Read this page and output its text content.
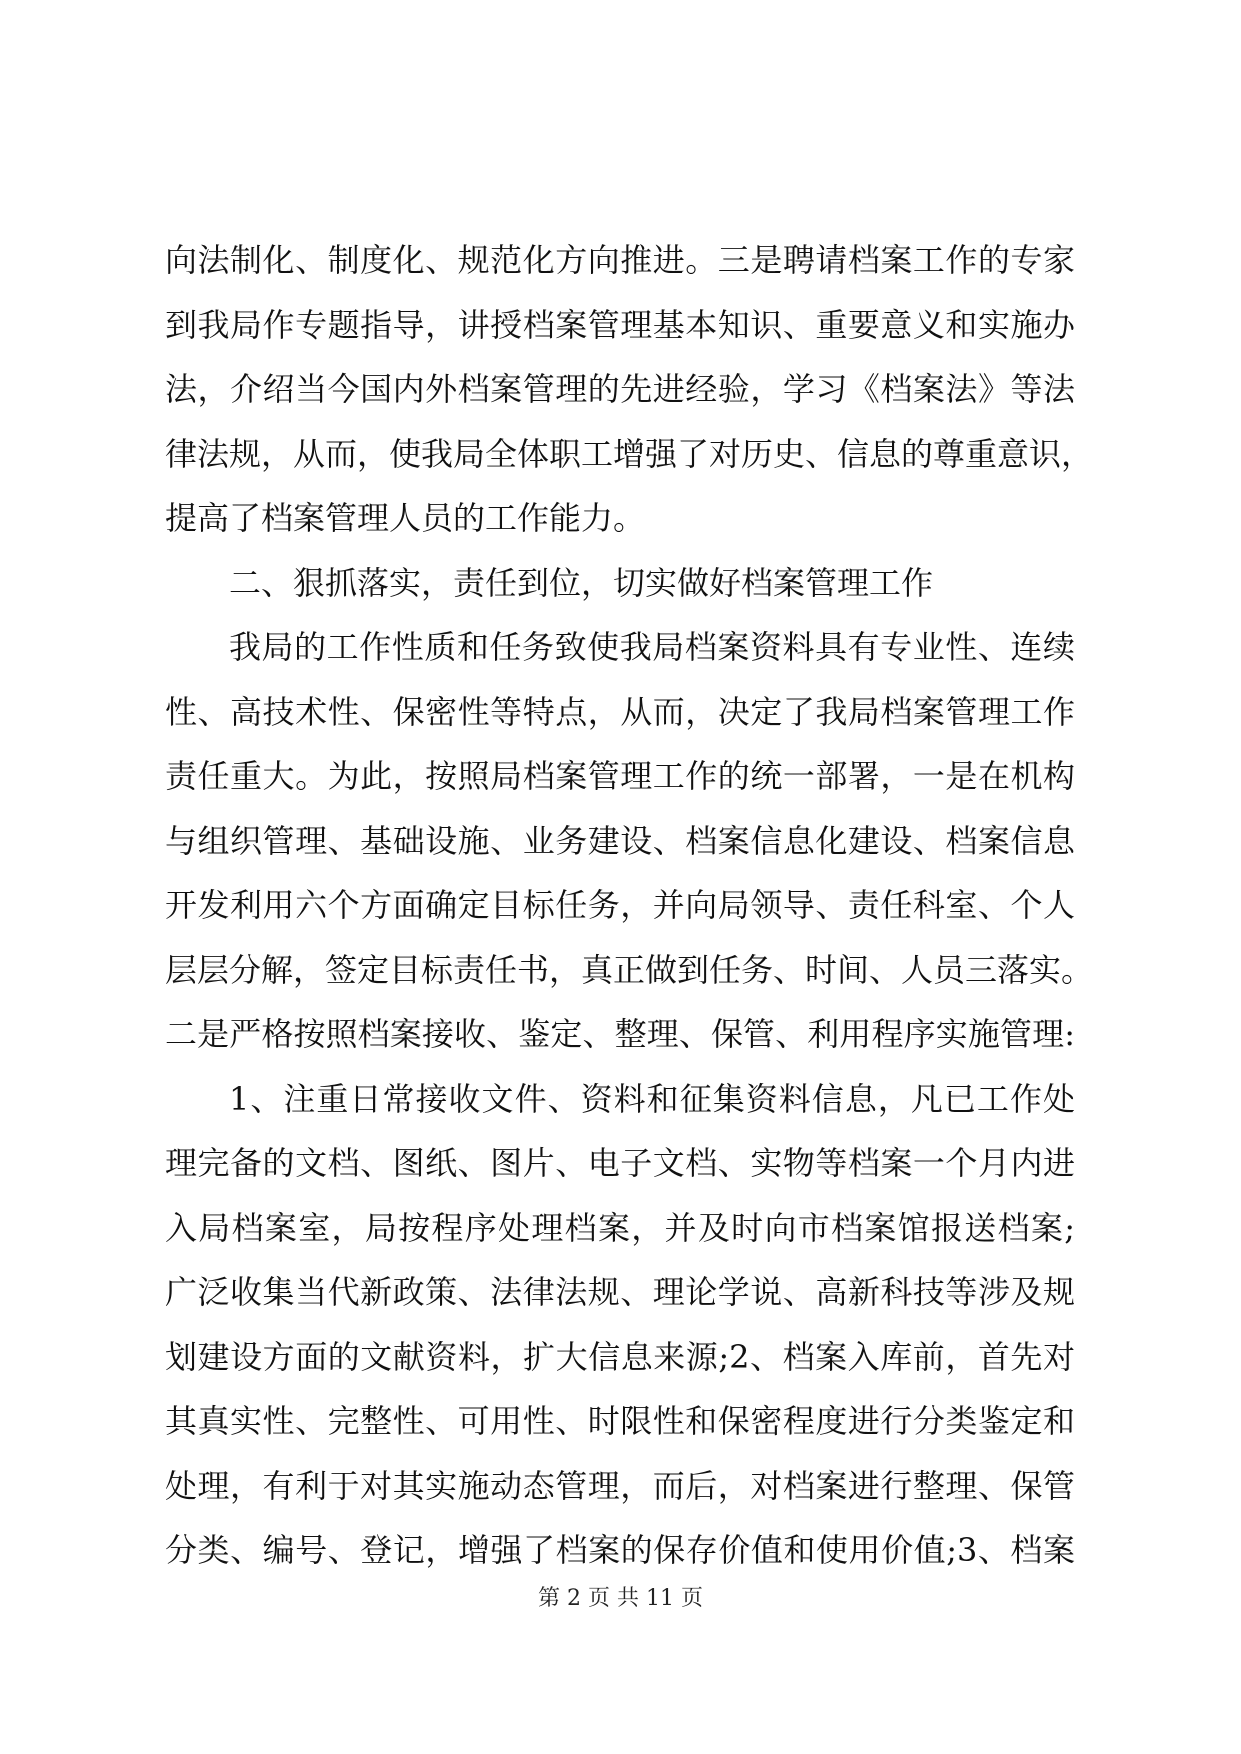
向法制化、制度化、规范化方向推进。三是聘请档案工作的专家
到我局作专题指导，讲授档案管理基本知识、重要意义和实施办
法，介绍当今国内外档案管理的先进经验，学习《档案法》等法
律法规，从而，使我局全体职工增强了对历史、信息的尊重意识，
提高了档案管理人员的工作能力。
二、狠抓落实，责任到位，切实做好档案管理工作
我局的工作性质和任务致使我局档案资料具有专业性、连续
性、高技术性、保密性等特点，从而，决定了我局档案管理工作
责任重大。为此，按照局档案管理工作的统一部署，一是在机构
与组织管理、基础设施、业务建设、档案信息化建设、档案信息
开发利用六个方面确定目标任务，并向局领导、责任科室、个人
层层分解，签定目标责任书，真正做到任务、时间、人员三落实。
二是严格按照档案接收、鉴定、整理、保管、利用程序实施管理:
1、注重日常接收文件、资料和征集资料信息，凡已工作处
理完备的文档、图纸、图片、电子文档、实物等档案一个月内进
入局档案室，局按程序处理档案，并及时向市档案馆报送档案;
广泛收集当代新政策、法律法规、理论学说、高新科技等涉及规
划建设方面的文献资料，扩大信息来源;2、档案入库前，首先对
其真实性、完整性、可用性、时限性和保密程度进行分类鉴定和
处理，有利于对其实施动态管理，而后，对档案进行整理、保管
分类、编号、登记，增强了档案的保存价值和使用价值;3、档案
第 2 页 共 11 页
